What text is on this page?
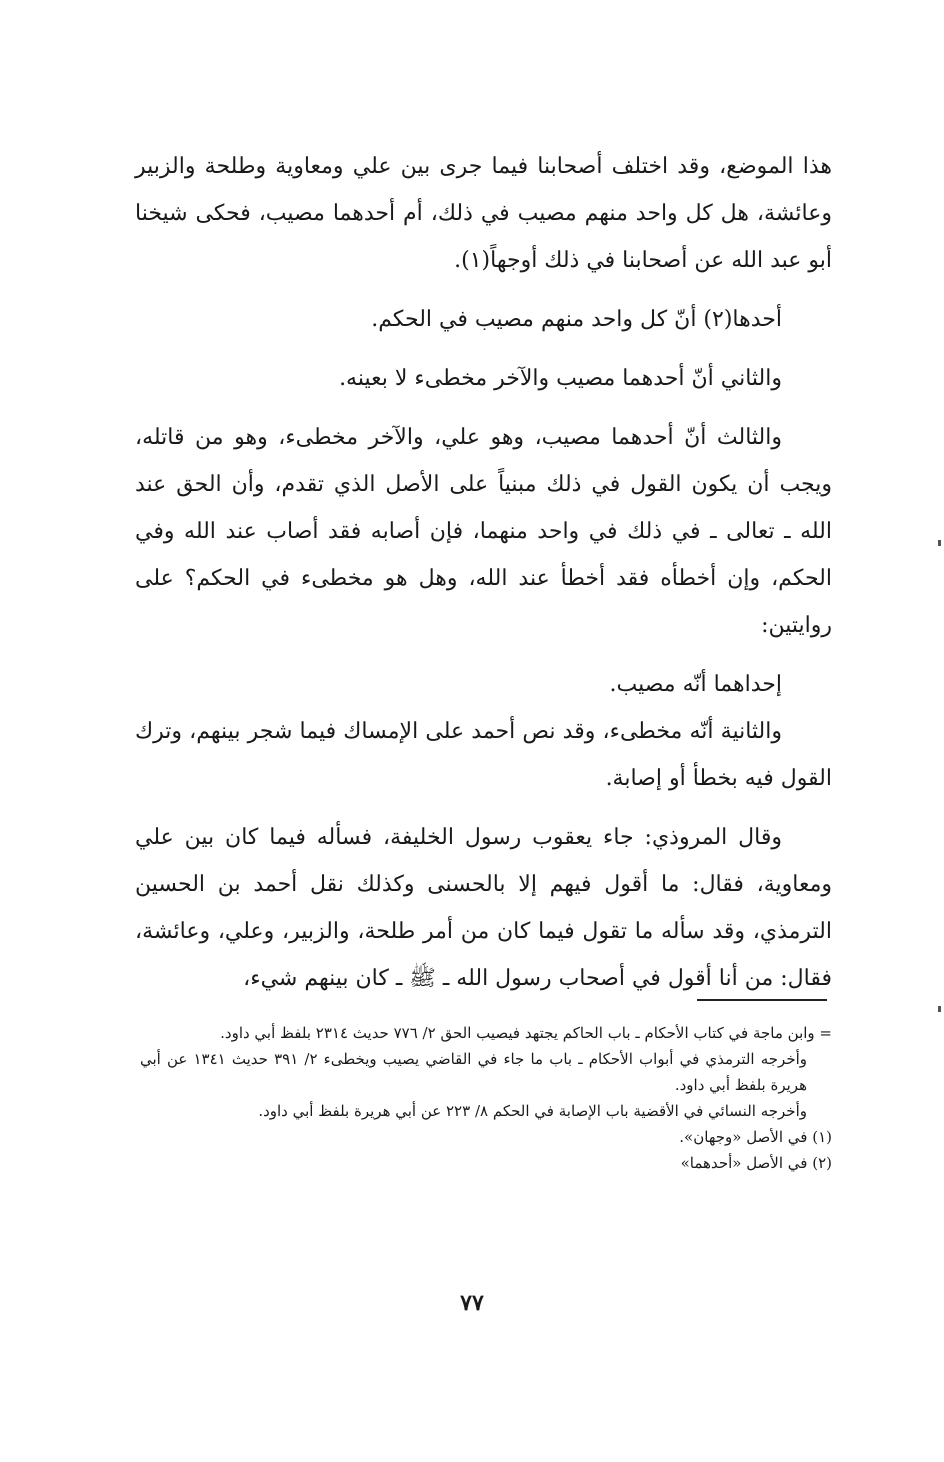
هذا الموضع، وقد اختلف أصحابنا فيما جرى بين علي ومعاوية وطلحة والزبير وعائشة، هل كل واحد منهم مصيب في ذلك، أم أحدهما مصيب، فحكى شيخنا أبو عبد الله عن أصحابنا في ذلك أوجهاً(١).

أحدها(٢) أنّ كل واحد منهم مصيب في الحكم.

والثاني أنّ أحدهما مصيب والآخر مخطىء لا بعينه.

والثالث أنّ أحدهما مصيب، وهو علي، والآخر مخطىء، وهو من قاتله، ويجب أن يكون القول في ذلك مبنياً على الأصل الذي تقدم، وأن الحق عند الله ـ تعالى ـ في ذلك في واحد منهما، فإن أصابه فقد أصاب عند الله وفي الحكم، وإن أخطأه فقد أخطأ عند الله، وهل هو مخطىء في الحكم؟ على روايتين:

إحداهما أنّه مصيب.

والثانية أنّه مخطىء، وقد نص أحمد على الإمساك فيما شجر بينهم، وترك القول فيه بخطأ أو إصابة.

وقال المروذي: جاء يعقوب رسول الخليفة، فسأله فيما كان بين علي ومعاوية، فقال: ما أقول فيهم إلا بالحسنى وكذلك نقل أحمد بن الحسين الترمذي، وقد سأله ما تقول فيما كان من أمر طلحة، والزبير، وعلي، وعائشة، فقال: من أنا أقول في أصحاب رسول الله ـ ﷺ ـ كان بينهم شيء،

= وابن ماجة في كتاب الأحكام ـ باب الحاكم يجتهد فيصيب الحق ٢/ ٧٧٦ حديث ٢٣١٤ بلفظ أبي داود.

وأخرجه الترمذي في أبواب الأحكام ـ باب ما جاء في القاضي يصيب ويخطىء ٢/ ٣٩١ حديث ١٣٤١ عن أبي هريرة بلفظ أبي داود.

وأخرجه النسائي في الأقضية باب الإصابة في الحكم ٨/ ٢٢٣ عن أبي هريرة بلفظ أبي داود.

(١) في الأصل «وجهان».

(٢) في الأصل «أحدهما»

٧٧
